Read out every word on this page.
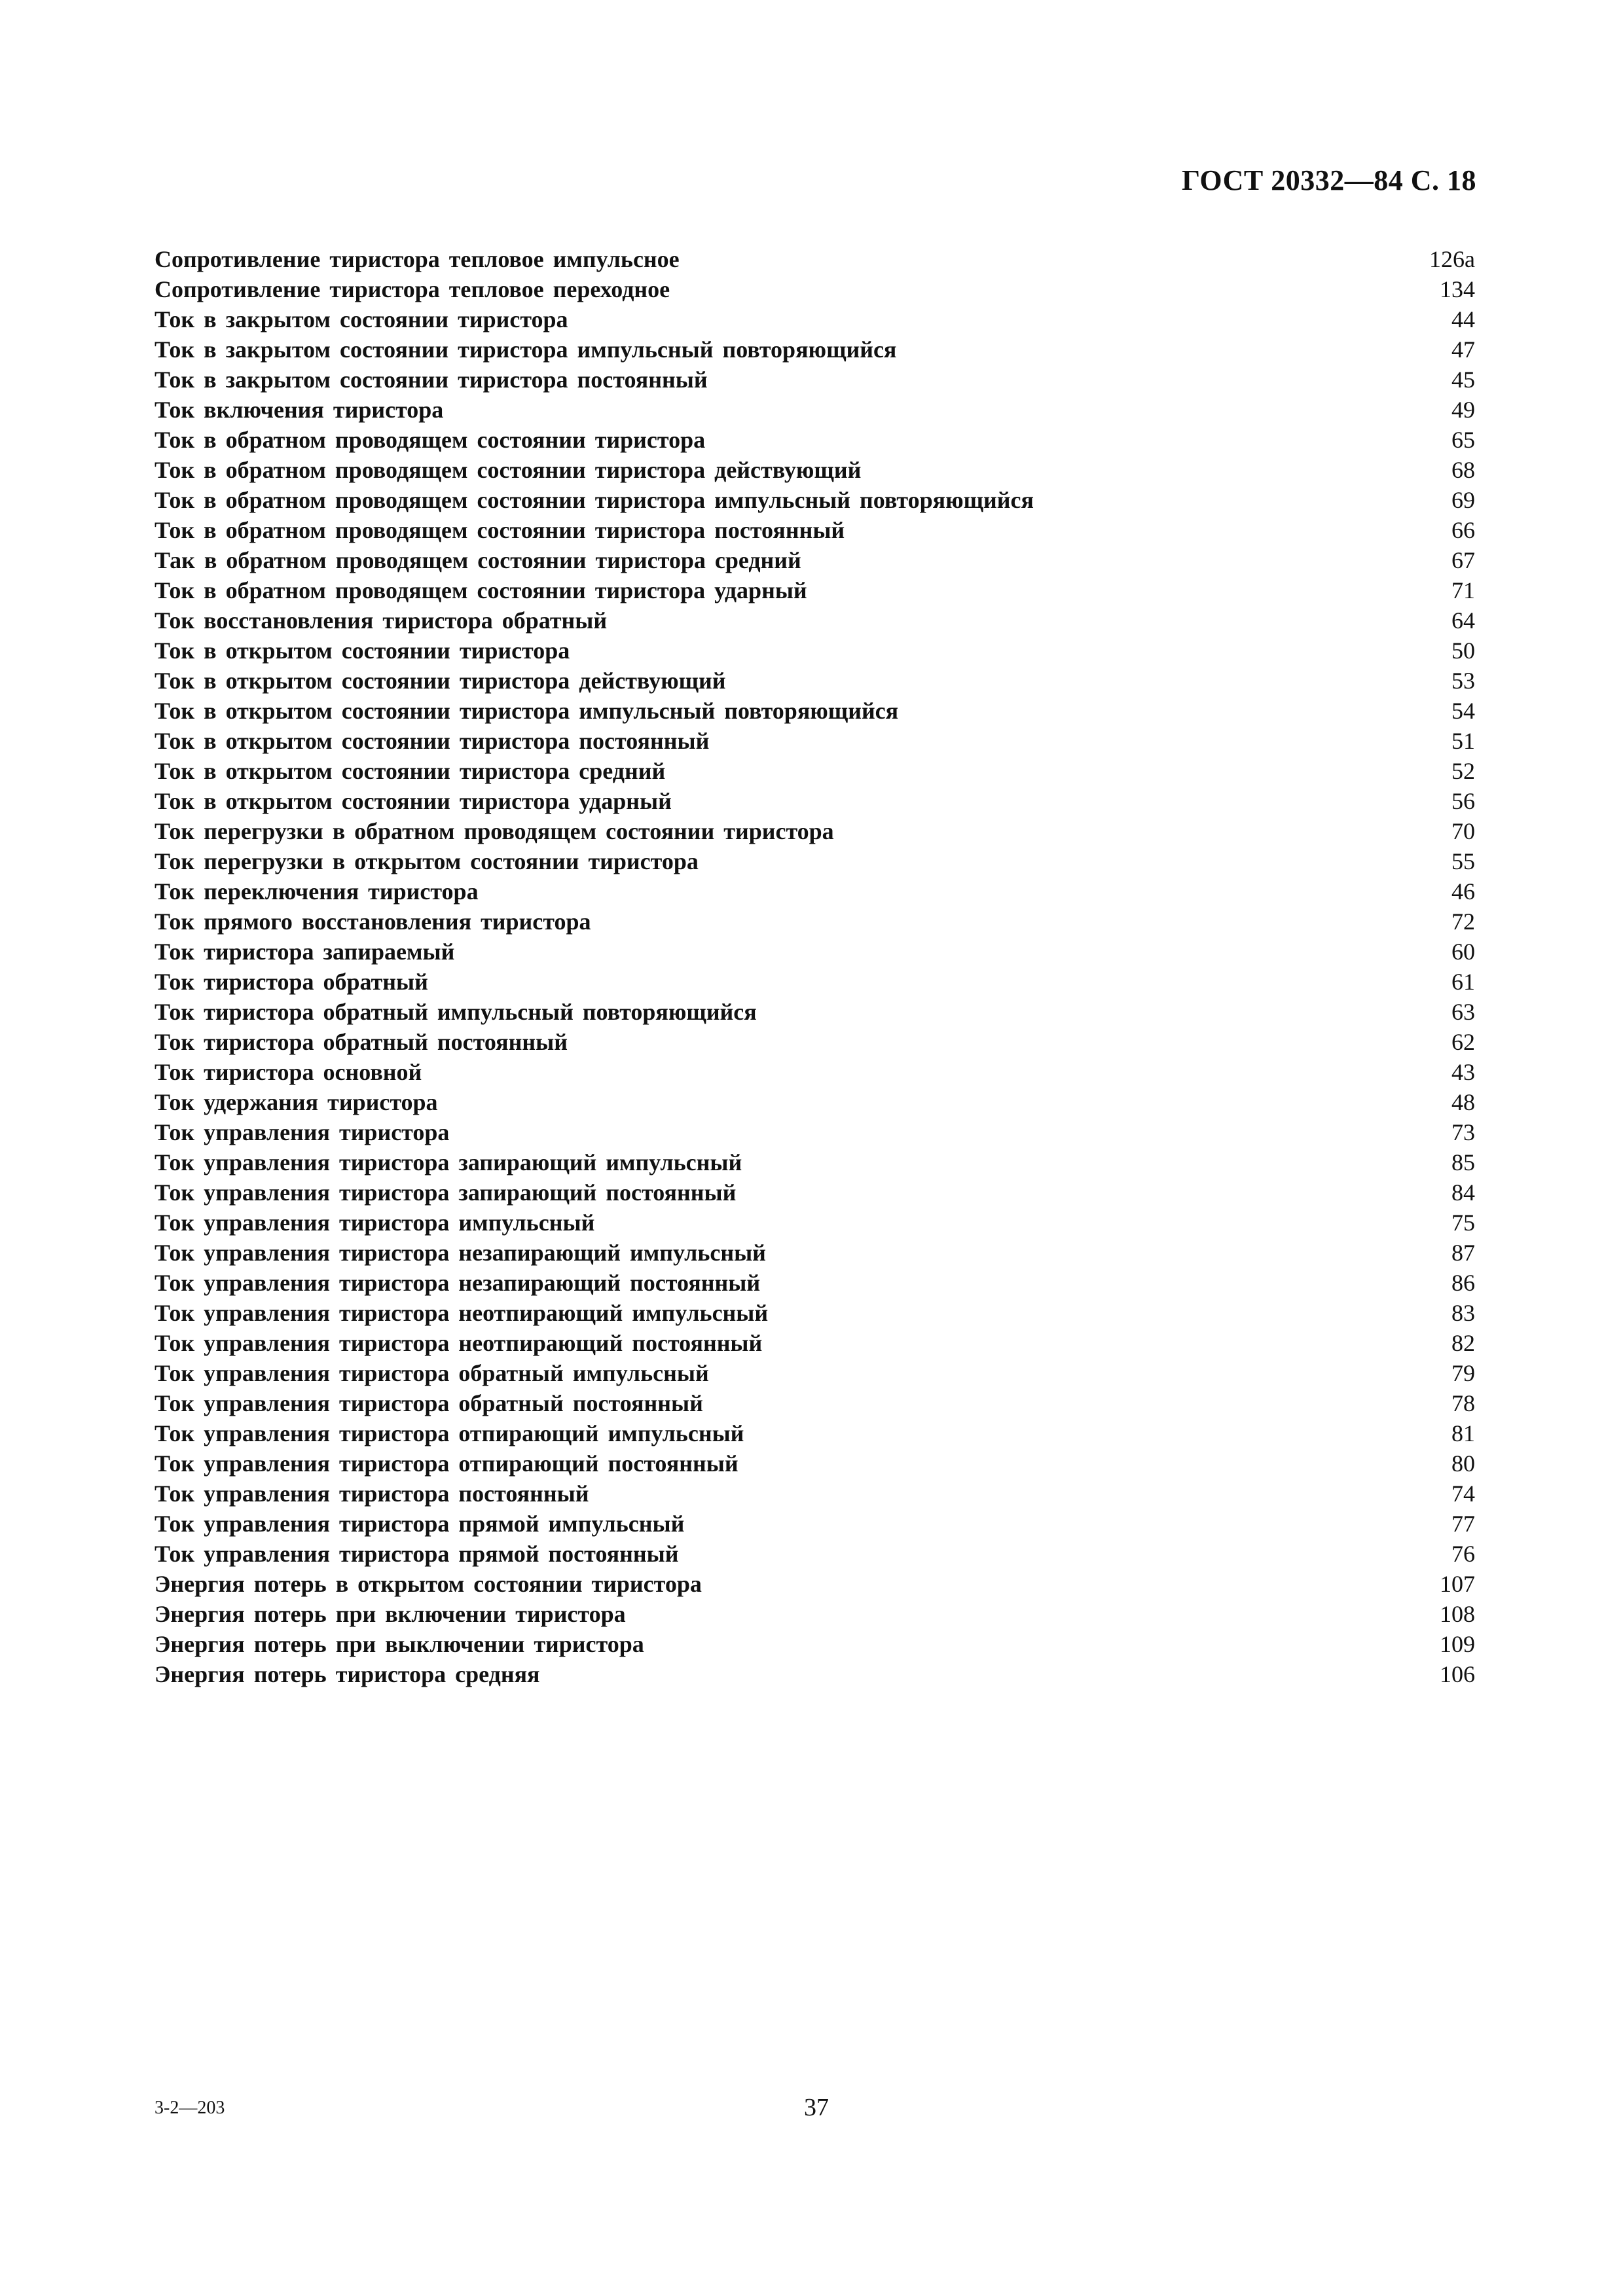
ГОСТ 20332—84 С. 18
Сопротивление тиристора тепловое импульсное	126а
Сопротивление тиристора тепловое переходное	134
Ток в закрытом состоянии тиристора	44
Ток в закрытом состоянии тиристора импульсный повторяющийся	47
Ток в закрытом состоянии тиристора постоянный	45
Ток включения тиристора	49
Ток в обратном проводящем состоянии тиристора	65
Ток в обратном проводящем состоянии тиристора действующий	68
Ток в обратном проводящем состоянии тиристора импульсный повторяющийся	69
Ток в обратном проводящем состоянии тиристора постоянный	66
Так в обратном проводящем состоянии тиристора средний	67
Ток в обратном проводящем состоянии тиристора ударный	71
Ток восстановления тиристора обратный	64
Ток в открытом состоянии тиристора	50
Ток в открытом состоянии тиристора действующий	53
Ток в открытом состоянии тиристора импульсный повторяющийся	54
Ток в открытом состоянии тиристора постоянный	51
Ток в открытом состоянии тиристора средний	52
Ток в открытом состоянии тиристора ударный	56
Ток перегрузки в обратном проводящем состоянии тиристора	70
Ток перегрузки в открытом состоянии тиристора	55
Ток переключения тиристора	46
Ток прямого восстановления тиристора	72
Ток тиристора запираемый	60
Ток тиристора обратный	61
Ток тиристора обратный импульсный повторяющийся	63
Ток тиристора обратный постоянный	62
Ток тиристора основной	43
Ток удержания тиристора	48
Ток управления тиристора	73
Ток управления тиристора запирающий импульсный	85
Ток управления тиристора запирающий постоянный	84
Ток управления тиристора импульсный	75
Ток управления тиристора незапирающий импульсный	87
Ток управления тиристора незапирающий постоянный	86
Ток управления тиристора неотпирающий импульсный	83
Ток управления тиристора неотпирающий постоянный	82
Ток управления тиристора обратный импульсный	79
Ток управления тиристора обратный постоянный	78
Ток управления тиристора отпирающий импульсный	81
Ток управления тиристора отпирающий постоянный	80
Ток управления тиристора постоянный	74
Ток управления тиристора прямой импульсный	77
Ток управления тиристора прямой постоянный	76
Энергия потерь в открытом состоянии тиристора	107
Энергия потерь при включении тиристора	108
Энергия потерь при выключении тиристора	109
Энергия потерь тиристора средняя	106
3-2—203	37
